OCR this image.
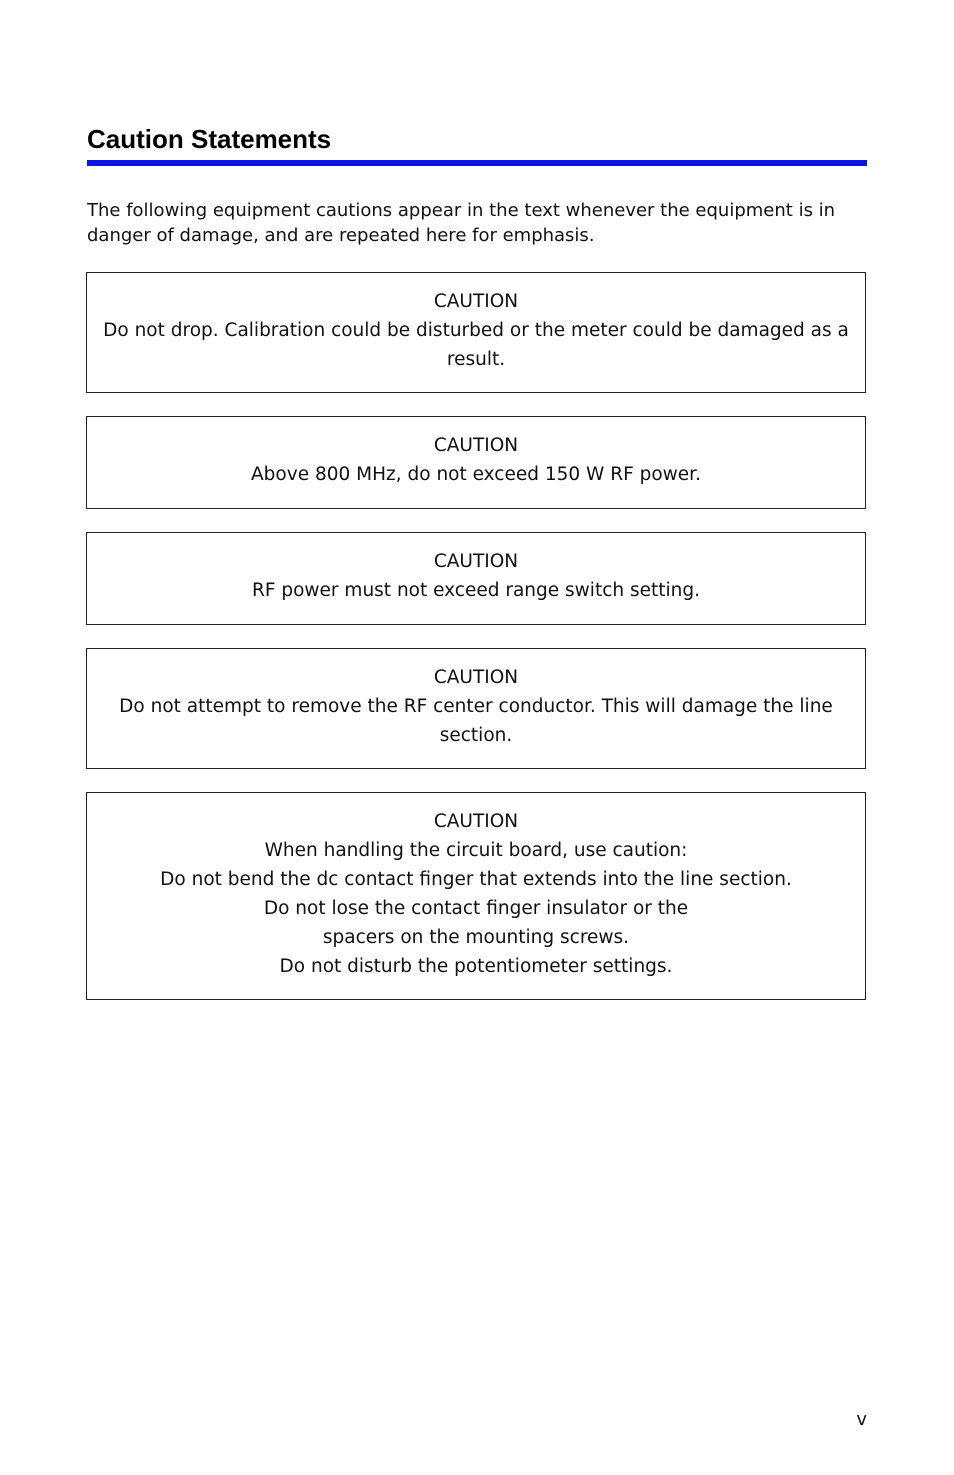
Caution Statements

The following equipment cautions appear in the text whenever the equipment is in danger of damage, and are repeated here for emphasis.

CAUTION
Do not drop. Calibration could be disturbed or the meter could be damaged as a result.
CAUTION
Above 800 MHz, do not exceed 150 W RF power.
CAUTION
RF power must not exceed range switch setting.
CAUTION
Do not attempt to remove the RF center conductor. This will damage the line section.
CAUTION
When handling the circuit board, use caution:
Do not bend the dc contact finger that extends into the line section.
Do not lose the contact finger insulator or the
spacers on the mounting screws.
Do not disturb the potentiometer settings.
v
